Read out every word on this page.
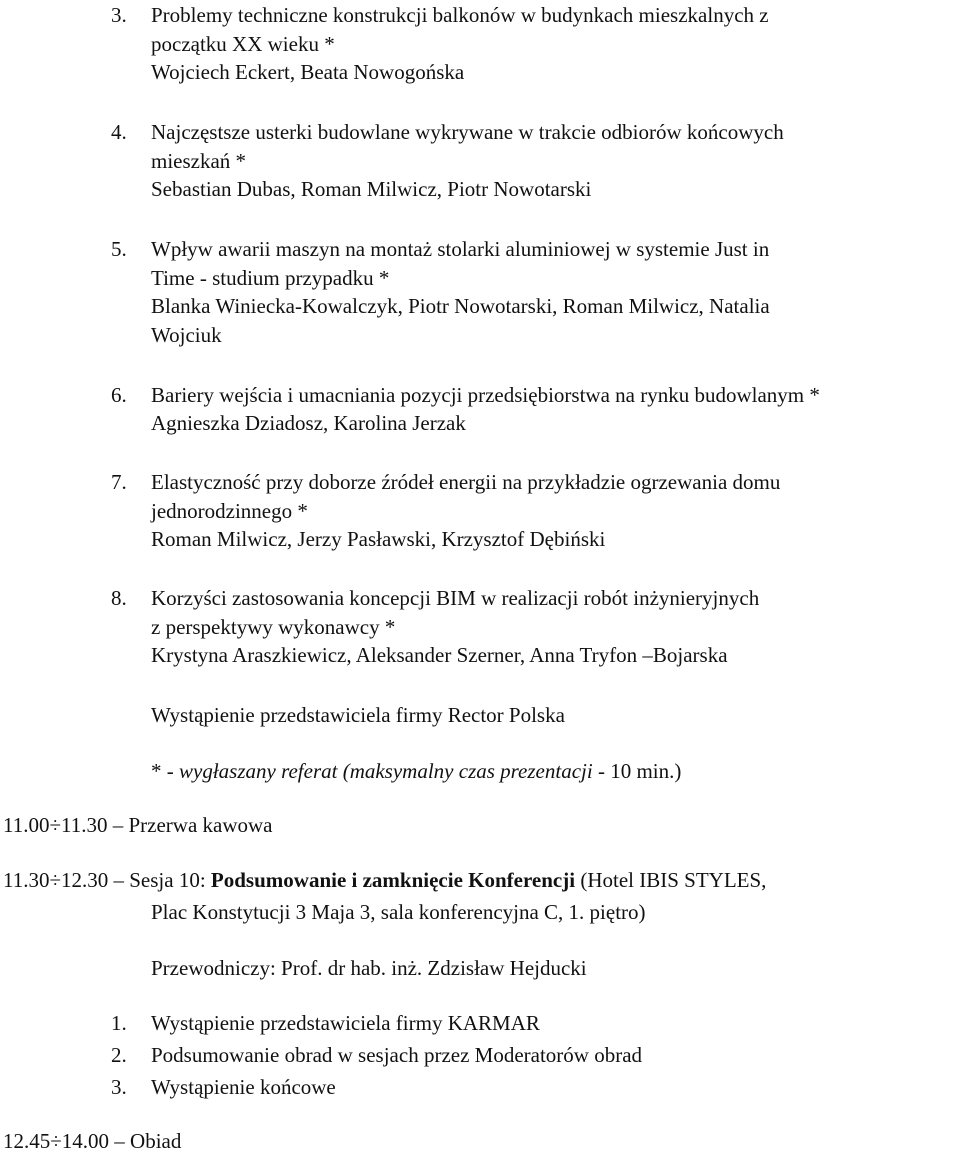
3. Problemy techniczne konstrukcji balkonów w budynkach mieszkalnych z
początku XX wieku *
Wojciech Eckert, Beata Nowogońska
4. Najczęstsze usterki budowlane wykrywane w trakcie odbiorów końcowych
mieszkań *
Sebastian Dubas, Roman Milwicz, Piotr Nowotarski
5. Wpływ awarii maszyn na montaż stolarki aluminiowej w systemie Just in
Time - studium przypadku *
Blanka Winiecka-Kowalczyk, Piotr Nowotarski, Roman Milwicz, Natalia
Wojciuk
6. Bariery wejścia i umacniania pozycji przedsiębiorstwa na rynku budowlanym *
Agnieszka Dziadosz, Karolina Jerzak
7. Elastyczność przy doborze źródeł energii na przykładzie ogrzewania domu
jednorodzinnego *
Roman Milwicz, Jerzy Pasławski, Krzysztof Dębiński
8. Korzyści zastosowania koncepcji BIM w realizacji robót inżynieryjnych
z perspektywy wykonawcy *
Krystyna Araszkiewicz, Aleksander Szerner, Anna Tryfon –Bojarska
Wystąpienie przedstawiciela firmy Rector Polska
* - wygłaszany referat (maksymalny czas prezentacji - 10 min.)
11.00÷11.30 – Przerwa kawowa
11.30÷12.30 – Sesja 10: Podsumowanie i zamknięcie Konferencji (Hotel IBIS STYLES,
Plac Konstytucji 3 Maja 3, sala konferencyjna C, 1. piętro)
Przewodniczy: Prof. dr hab. inż. Zdzisław Hejducki
1. Wystąpienie przedstawiciela firmy KARMAR
2. Podsumowanie obrad w sesjach przez Moderatorów obrad
3. Wystąpienie końcowe
12.45÷14.00 – Obiad
